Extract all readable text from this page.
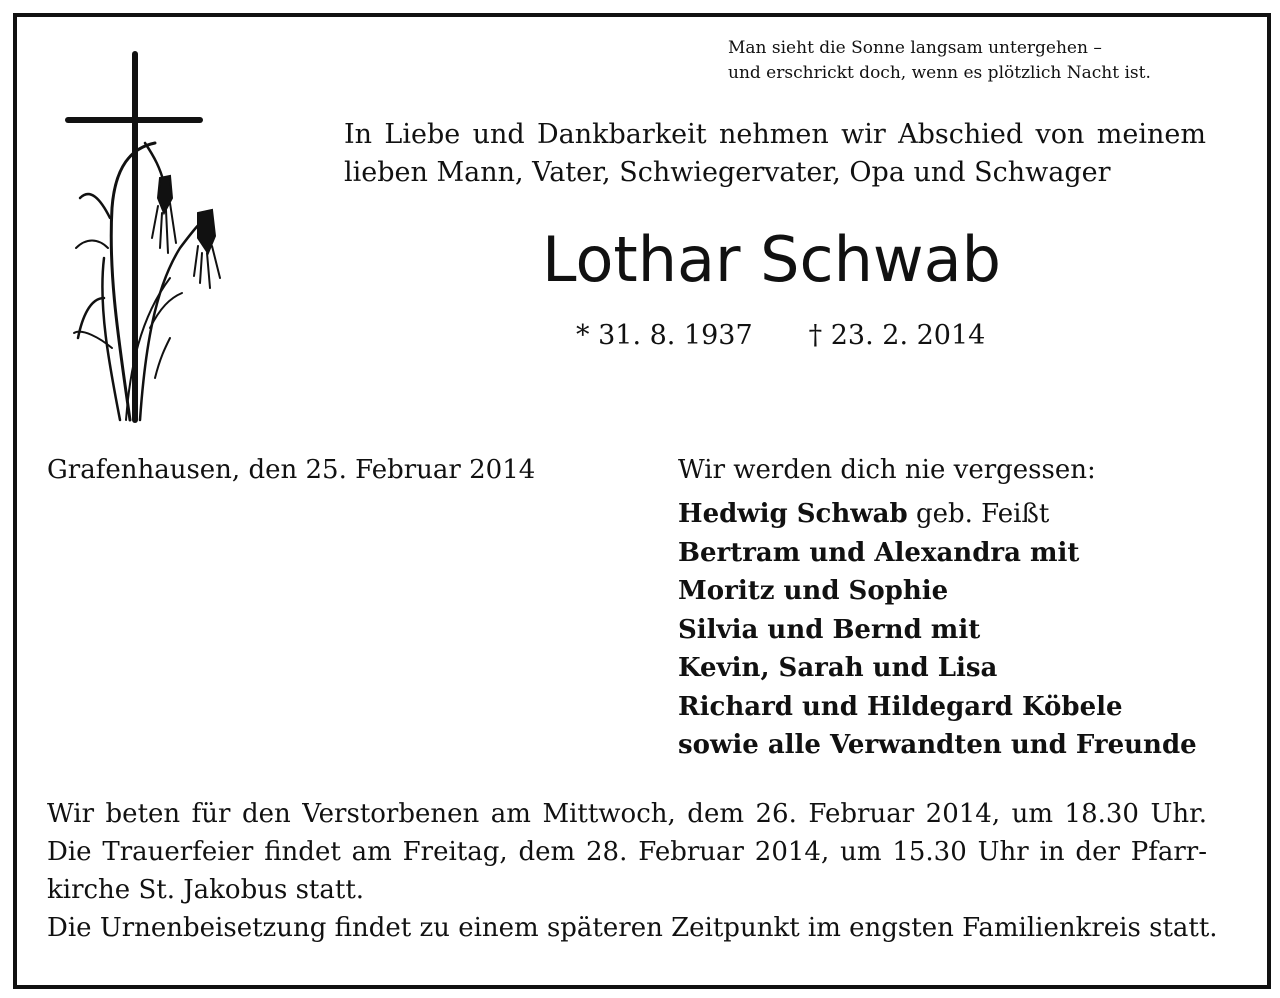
Man sieht die Sonne langsam untergehen –
und erschrickt doch, wenn es plötzlich Nacht ist.
In Liebe und Dankbarkeit nehmen wir Abschied von meinem
lieben Mann, Vater, Schwiegervater, Opa und Schwager
Lothar Schwab
* 31. 8. 1937 † 23. 2. 2014
Grafenhausen, den 25. Februar 2014	Wir werden dich nie vergessen:
Hedwig Schwab geb. Feißt
Bertram und Alexandra mit
Moritz und Sophie
Silvia und Bernd mit
Kevin, Sarah und Lisa
Richard und Hildegard Köbele
sowie alle Verwandten und Freunde
Wir beten für den Verstorbenen am Mittwoch, dem 26. Februar 2014, um 18.30 Uhr.
Die Trauerfeier findet am Freitag, dem 28. Februar 2014, um 15.30 Uhr in der Pfarr-
kirche St. Jakobus statt.
Die Urnenbeisetzung findet zu einem späteren Zeitpunkt im engsten Familienkreis statt.
